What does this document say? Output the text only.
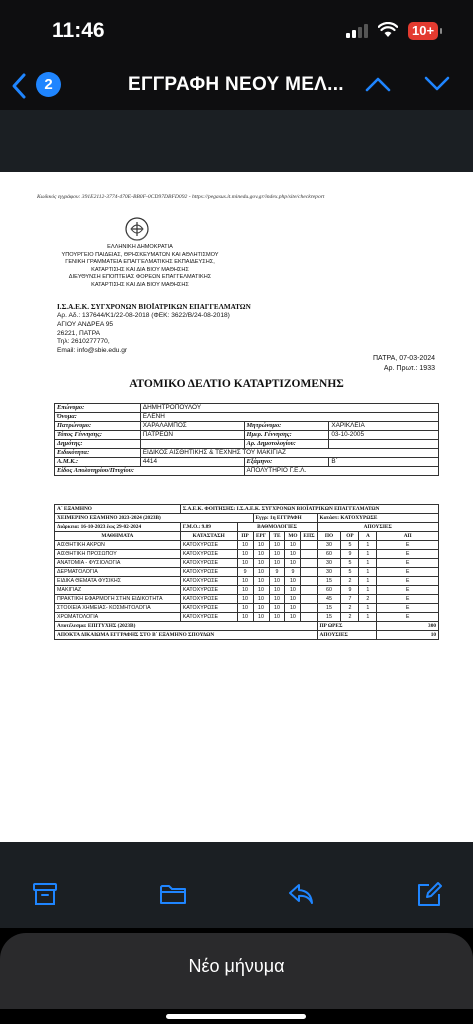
11:46	10+
2	ΕΓΓΡΑΦΗ ΝΕΟΥ ΜΕΛ...
Κωδικός εγγράφου: 391E2112-3774-470E-BB0F-0CD97DBFD092 - https://pegasus.it.minedu.gov.gr/index.php/site/checkreport
ΕΛΛΗΝΙΚΗ ΔΗΜΟΚΡΑΤΙΑ
ΥΠΟΥΡΓΕΙΟ ΠΑΙΔΕΙΑΣ, ΘΡΗΣΚΕΥΜΑΤΩΝ ΚΑΙ ΑΘΛΗΤΙΣΜΟΥ
ΓΕΝΙΚΗ ΓΡΑΜΜΑΤΕΙΑ ΕΠΑΓΓΕΛΜΑΤΙΚΗΣ ΕΚΠΑΙΔΕΥΣΗΣ,
ΚΑΤΑΡΤΙΣΗΣ ΚΑΙ ΔΙΑ ΒΙΟΥ ΜΑΘΗΣΗΣ
ΔΙΕΥΘΥΝΣΗ ΕΠΟΠΤΕΙΑΣ ΦΟΡΕΩΝ ΕΠΑΓΓΕΛΜΑΤΙΚΗΣ
ΚΑΤΑΡΤΙΣΗΣ ΚΑΙ ΔΙΑ ΒΙΟΥ ΜΑΘΗΣΗΣ
Ι.Σ.Α.Ε.Κ. ΣΥΓΧΡΟΝΩΝ ΒΙΟΪΑΤΡΙΚΩΝ ΕΠΑΓΓΕΛΜΑΤΩΝ
Αρ. Αδ.: 137644/Κ1/22-08-2018 (ΦΕΚ: 3622/Β/24-08-2018)
ΑΓΙΟΥ ΑΝΔΡΕΑ 95
26221, ΠΑΤΡΑ
Τηλ: 2610277770,
Email: info@sbie.edu.gr
ΠΑΤΡΑ, 07-03-2024
Αρ. Πρωτ.: 1933
ΑΤΟΜΙΚΟ ΔΕΛΤΙΟ ΚΑΤΑΡΤΙΖΟΜΕΝΗΣ
Επώνυμο:	ΔΗΜΗΤΡΟΠΟΥΛΟΥ		
Όνομα:	ΕΛΕΝΗ		
Πατρώνυμο:	ΧΑΡΑΛΑΜΠΟΣ	Μητρώνυμο:	ΧΑΡΙΚΛΕΙΑ
Τόπος Γέννησης:	ΠΑΤΡΕΩΝ	Ημερ. Γέννησης:	03-10-2005
Δημότης:		Αρ. Δημοτολογίου:	
Ειδικότητα:	ΕΙΔΙΚΟΣ ΑΙΣΘΗΤΙΚΗΣ & ΤΕΧΝΗΣ ΤΟΥ ΜΑΚΙΓΙΑΖ		
Α.Μ.Κ.:	4414	Εξάμηνο:	Β΄
Είδος Απολυτηρίου/Πτυχίου:		ΑΠΟΛΥΤΗΡΙΟ Γ.Ε.Λ.	
Α΄ ΕΞΑΜΗΝΟ	Σ.Α.Ε.Κ. ΦΟΙΤΗΣΗΣ: Ι.Σ.Α.Ε.Κ. ΣΥΓΧΡΟΝΩΝ ΒΙΟΪΑΤΡΙΚΩΝ ΕΠΑΓΓΕΛΜΑΤΩΝ									
ΧΕΙΜΕΡΙΝΟ ΕΞΑΜΗΝΟ 2023-2024 (2023Β)			Εγγρ: 1η ΕΓΓΡΑΦΗ				Κατάστ: ΚΑΤΟΧΥΡΩΣΕ			
Διάρκεια: 16-10-2023 έως 29-02-2024	Γ.Μ.Ο.: 9.89	ΒΑΘΜΟΛΟΓΙΕΣ					ΑΠΟΥΣΙΕΣ			
ΜΑΘΗΜΑΤΑ	ΚΑΤΑΣΤΑΣΗ	ΠΡ	ΕΡΓ	ΤΕ	ΜΟ	ΕΠΣ	ΠΟ	ΟΡ	Α	ΑΠ
ΑΙΣΘΗΤΙΚΗ ΑΚΡΩΝ	ΚΑΤΟΧΥΡΩΣΕ	10	10	10	10		30	5	1	Ε
ΑΙΣΘΗΤΙΚΗ ΠΡΟΣΩΠΟΥ	ΚΑΤΟΧΥΡΩΣΕ	10	10	10	10		60	9	1	Ε
ΑΝΑΤΟΜΙΑ - ΦΥΣΙΟΛΟΓΙΑ	ΚΑΤΟΧΥΡΩΣΕ	10	10	10	10		30	5	1	Ε
ΔΕΡΜΑΤΟΛΟΓΙΑ	ΚΑΤΟΧΥΡΩΣΕ	9	10	9	9		30	5	1	Ε
ΕΙΔΙΚΑ ΘΕΜΑΤΑ ΦΥΣΙΚΗΣ	ΚΑΤΟΧΥΡΩΣΕ	10	10	10	10		15	2	1	Ε
ΜΑΚΙΓΙΑΖ	ΚΑΤΟΧΥΡΩΣΕ	10	10	10	10		60	9	1	Ε
ΠΡΑΚΤΙΚΗ ΕΦΑΡΜΟΓΗ ΣΤΗΝ ΕΙΔΙΚΟΤΗΤΑ	ΚΑΤΟΧΥΡΩΣΕ	10	10	10	10		45	7	2	Ε
ΣΤΟΙΧΕΙΑ ΧΗΜΕΙΑΣ- ΚΟΣΜΗΤΟΛΟΓΙΑ	ΚΑΤΟΧΥΡΩΣΕ	10	10	10	10		15	2	1	Ε
ΧΡΩΜΑΤΟΛΟΓΙΑ	ΚΑΤΟΧΥΡΩΣΕ	10	10	10	10		15	2	1	Ε
Αποτέλεσμα: ΕΠΙΤΥΧΗΣ (2023Β)							ΠΡ ΩΡΕΣ			300
ΑΠΟΚΤΑ ΔΙΚΑΙΩΜΑ ΕΓΓΡΑΦΗΣ ΣΤΟ Β΄ ΕΞΑΜΗΝΟ ΣΠΟΥΔΩΝ							ΑΠΟΥΣΙΕΣ			10
Νέο μήνυμα
